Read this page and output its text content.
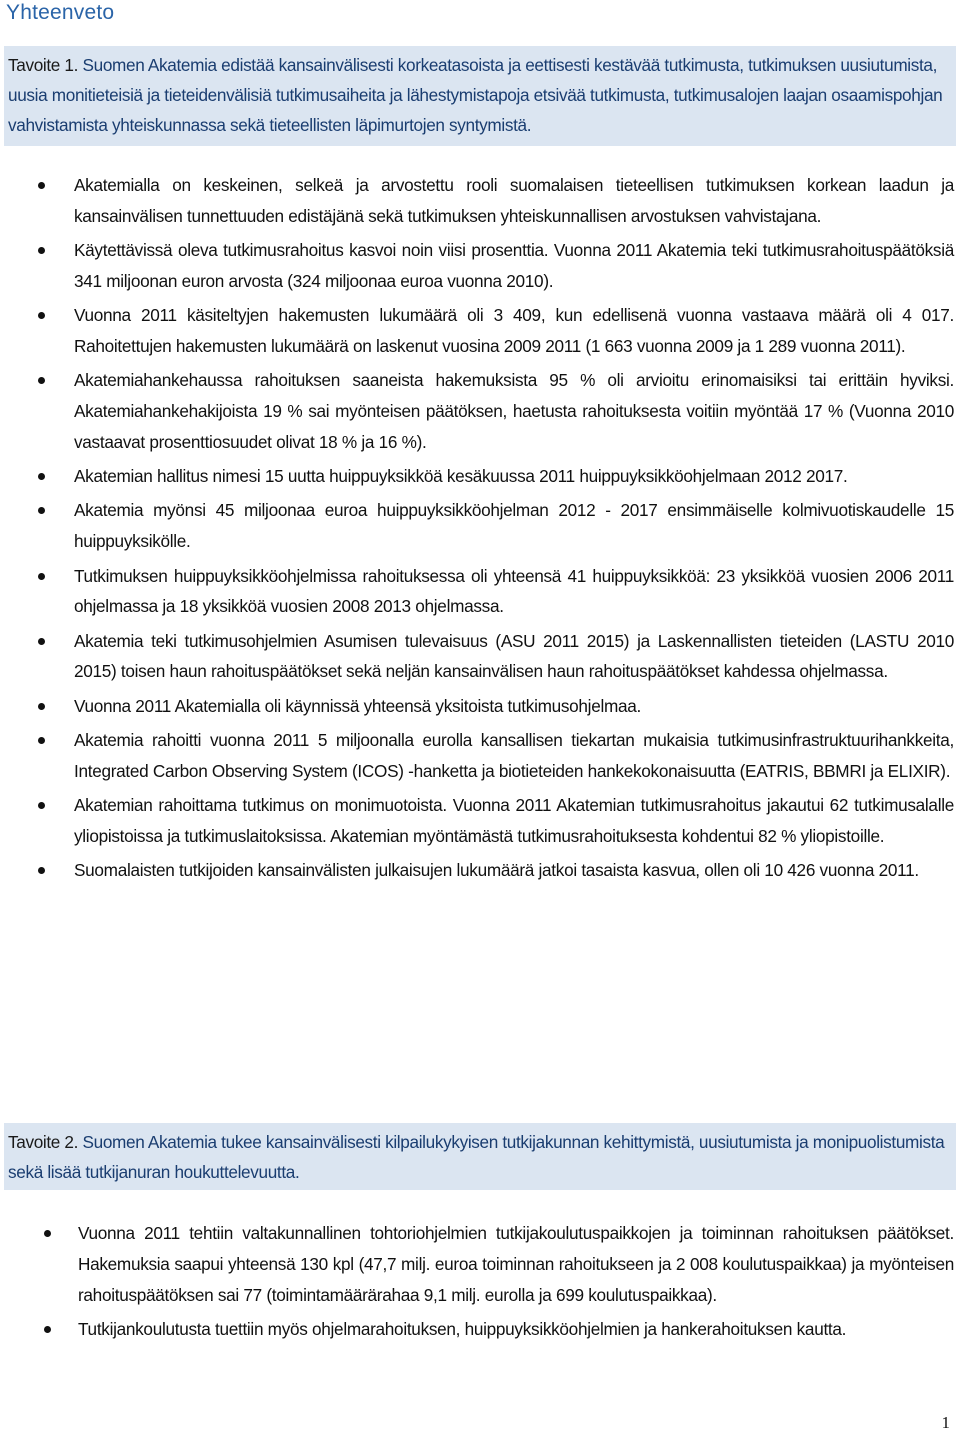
Yhteenveto
Tavoite 1. Suomen Akatemia edistää kansainvälisesti korkeatasoista ja eettisesti kestävää tutkimusta, tutkimuksen uusiutumista, uusia monitieteisiä ja tieteidenvälisiä tutkimusaiheita ja lähestymistapoja etsivää tutkimusta, tutkimusalojen laajan osaamispohjan vahvistamista yhteiskunnassa sekä tieteellisten läpimurtojen syntymistä.
Akatemialla on keskeinen, selkeä ja arvostettu rooli suomalaisen tieteellisen tutkimuksen korkean laadun ja kansainvälisen tunnettuuden edistäjänä sekä tutkimuksen yhteiskunnallisen arvostuksen vahvistajana.
Käytettävissä oleva tutkimusrahoitus kasvoi noin viisi prosenttia. Vuonna 2011 Akatemia teki tutkimusrahoituspäätöksiä 341 miljoonan euron arvosta (324 miljoonaa euroa vuonna 2010).
Vuonna 2011 käsiteltyjen hakemusten lukumäärä oli 3 409, kun edellisenä vuonna vastaava määrä oli 4 017. Rahoitettujen hakemusten lukumäärä on laskenut vuosina 2009 2011 (1 663 vuonna 2009 ja 1 289 vuonna 2011).
Akatemiahankehaussa rahoituksen saaneista hakemuksista 95 % oli arvioitu erinomaisiksi tai erittäin hyviksi. Akatemiahankehakijoista 19 % sai myönteisen päätöksen, haetusta rahoituksesta voitiin myöntää 17 % (Vuonna 2010 vastaavat prosenttiosuudet olivat 18 % ja 16 %).
Akatemian hallitus nimesi 15 uutta huippuyksikköä kesäkuussa 2011 huippuyksikköohjelmaan 2012 2017.
Akatemia myönsi 45 miljoonaa euroa huippuyksikköohjelman 2012 - 2017 ensimmäiselle kolmivuotiskaudelle 15 huippuyksikölle.
Tutkimuksen huippuyksikköohjelmissa rahoituksessa oli yhteensä 41 huippuyksikköä: 23 yksikköä vuosien 2006 2011 ohjelmassa ja 18 yksikköä vuosien 2008 2013 ohjelmassa.
Akatemia teki tutkimusohjelmien Asumisen tulevaisuus (ASU 2011 2015) ja Laskennallisten tieteiden (LASTU 2010 2015) toisen haun rahoituspäätökset sekä neljän kansainvälisen haun rahoituspäätökset kahdessa ohjelmassa.
Vuonna 2011 Akatemialla oli käynnissä yhteensä yksitoista tutkimusohjelmaa.
Akatemia rahoitti vuonna 2011 5 miljoonalla eurolla kansallisen tiekartan mukaisia tutkimusinfrastruktuurihankkeita, Integrated Carbon Observing System (ICOS) -hanketta ja biotieteiden hankekokonaisuutta (EATRIS, BBMRI ja ELIXIR).
Akatemian rahoittama tutkimus on monimuotoista. Vuonna 2011 Akatemian tutkimusrahoitus jakautui 62 tutkimusalalle yliopistoissa ja tutkimuslaitoksissa. Akatemian myöntämästä tutkimusrahoituksesta kohdentui 82 % yliopistoille.
Suomalaisten tutkijoiden kansainvälisten julkaisujen lukumäärä jatkoi tasaista kasvua, ollen oli 10 426 vuonna 2011.
Tavoite 2. Suomen Akatemia tukee kansainvälisesti kilpailukykyisen tutkijakunnan kehittymistä, uusiutumista ja monipuolistumista sekä lisää tutkijanuran houkuttelevuutta.
Vuonna 2011 tehtiin valtakunnallinen tohtoriohjelmien tutkijakoulutuspaikkojen ja toiminnan rahoituksen päätökset. Hakemuksia saapui yhteensä 130 kpl (47,7 milj. euroa toiminnan rahoitukseen ja 2 008 koulutuspaikkaa) ja myönteisen rahoituspäätöksen sai 77 (toimintamäärärahaa 9,1 milj. eurolla ja 699 koulutuspaikkaa).
Tutkijankoulutusta tuettiin myös ohjelmarahoituksen, huippuyksikköohjelmien ja hankerahoituksen kautta.
1
